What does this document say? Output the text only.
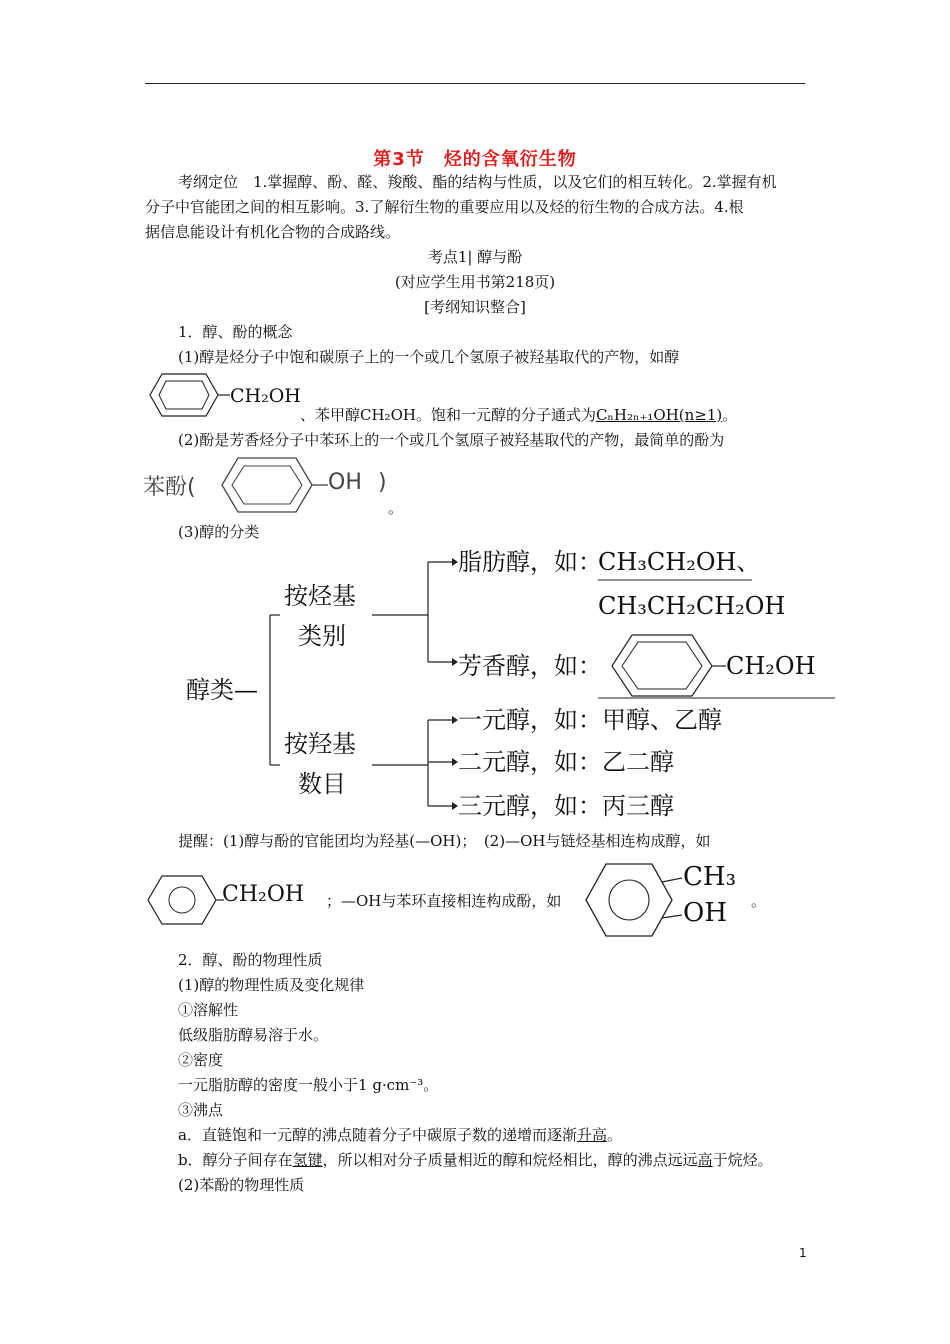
第3节　烃的含氧衍生物
考纲定位　1.掌握醇、酚、醛、羧酸、酯的结构与性质，以及它们的相互转化。2.掌握有机
分子中官能团之间的相互影响。3.了解衍生物的重要应用以及烃的衍生物的合成方法。4.根
据信息能设计有机化合物的合成路线。
考点1| 醇与酚
(对应学生用书第218页)
[考纲知识整合]
1．醇、酚的概念
(1)醇是烃分子中饱和碳原子上的一个或几个氢原子被羟基取代的产物，如醇
CH₂OH
、苯甲醇CH₂OH。饱和一元醇的分子通式为CₙH₂ₙ₊₁OH(n≥1)。
(2)酚是芳香烃分子中苯环上的一个或几个氢原子被羟基取代的产物，最简单的酚为
苯酚(	OH )
。
(3)醇的分类
醇类—
按烃基
类别
按羟基
数目
脂肪醇，如：
CH₃CH₂OH、
CH₃CH₂CH₂OH
芳香醇，如：	CH₂OH
一元醇，如：甲醇、乙醇
二元醇，如：乙二醇
三元醇，如：丙三醇
提醒：(1)醇与酚的官能团均为羟基(—OH)；　(2)—OH与链烃基相连构成醇，如
CH₂OH ；—OH与苯环直接相连构成酚，如
CH₃
OH 。
2．醇、酚的物理性质
(1)醇的物理性质及变化规律
①溶解性
低级脂肪醇易溶于水。
②密度
一元脂肪醇的密度一般小于1 g·cm⁻³。
③沸点
a．直链饱和一元醇的沸点随着分子中碳原子数的递增而逐渐升高。
b．醇分子间存在氢键，所以相对分子质量相近的醇和烷烃相比，醇的沸点远远高于烷烃。
(2)苯酚的物理性质
1
